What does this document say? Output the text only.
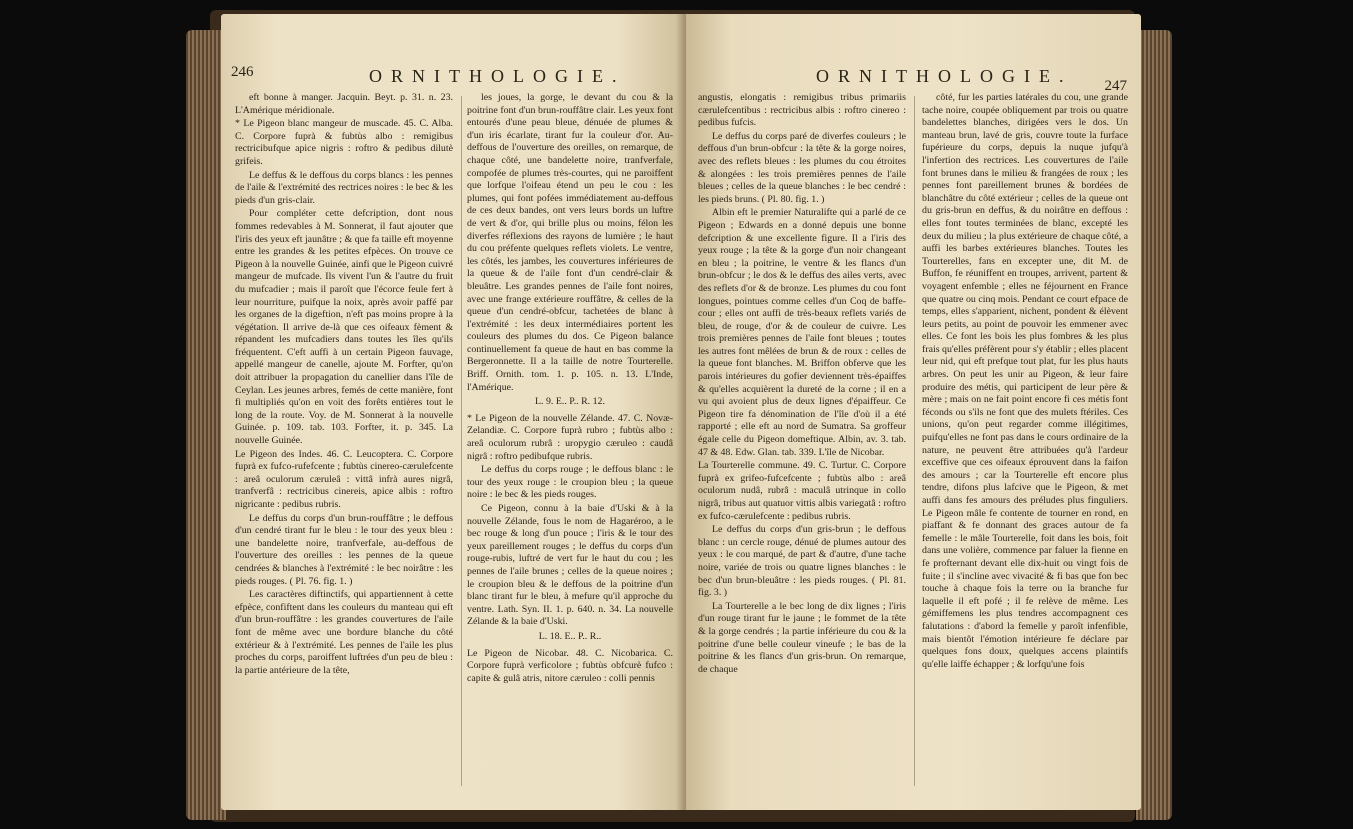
246	ORNITHOLOGIE.

eft bonne à manger. Jacquin. Beyt. p. 31. n. 23. L'Amérique méridionale.

* Le Pigeon blanc mangeur de muscade. 45. C. Alba. C. Corpore fuprà & fubtùs albo : remigibus rectricibufque apice nigris : roftro & pedibus dilutè grifeis.

Le deffus & le deffous du corps blancs : les pennes de l'aile & l'extrémité des rectrices noires : le bec & les pieds d'un gris-clair.

Pour compléter cette defcription, dont nous fommes redevables à M. Sonnerat, il faut ajouter que l'iris des yeux eft jaunâtre ; & que fa taille eft moyenne entre les grandes & les petites efpèces. On trouve ce Pigeon à la nouvelle Guinée, ainfi que le Pigeon cuivré mangeur de mufcade. Ils vivent l'un & l'autre du fruit du mufcadier ; mais il paroît que l'écorce feule fert à leur nourriture, puifque la noix, après avoir paffé par les organes de la digeftion, n'eft pas moins propre à la végétation. Il arrive de-là que ces oifeaux fèment & répandent les mufcadiers dans toutes les îles qu'ils fréquentent. C'eft auffi à un certain Pigeon fauvage, appellé mangeur de canelle, ajoute M. Forfter, qu'on doit attribuer la propagation du canellier dans l'île de Ceylan. Les jeunes arbres, femés de cette manière, font fi multipliés qu'on en voit des forêts entières tout le long de la route. Voy. de M. Sonnerat à la nouvelle Guinée. p. 109. tab. 103. Forfter, it. p. 345. La nouvelle Guinée.

Le Pigeon des Indes. 46. C. Leucoptera. C. Corpore fuprà ex fufco-rufefcente ; fubtùs cinereo-cærulefcente : areâ oculorum cæruleâ : vittâ infrà aures nigrâ, tranfverfâ : rectricibus cinereis, apice albis : roftro nigricante : pedibus rubris.

Le deffus du corps d'un brun-rouffâtre ; le deffous d'un cendré tirant fur le bleu : le tour des yeux bleu : une bandelette noire, tranfverfale, au-deffous de l'ouverture des oreilles : les pennes de la queue cendrées & blanches à l'extrémité : le bec noirâtre : les pieds rouges. ( Pl. 76. fig. 1. )

Les caractères diftinctifs, qui appartiennent à cette efpèce, confiftent dans les couleurs du manteau qui eft d'un brun-rouffâtre : les grandes couvertures de l'aile font de même avec une bordure blanche du côté extérieur & à l'extrémité. Les pennes de l'aile les plus proches du corps, paroiffent luftrées d'un peu de bleu : la partie antérieure de la tête,

les joues, la gorge, le devant du cou & la poitrine font d'un brun-rouffâtre clair. Les yeux font entourés d'une peau bleue, dénuée de plumes & d'un iris écarlate, tirant fur la couleur d'or. Au-deffous de l'ouverture des oreilles, on remarque, de chaque côté, une bandelette noire, tranfverfale, compofée de plumes très-courtes, qui ne paroiffent que lorfque l'oifeau étend un peu le cou : les plumes, qui font pofées immédiatement au-deffous de ces deux bandes, ont vers leurs bords un luftre de vert & d'or, qui brille plus ou moins, félon les diverfes réflexions des rayons de lumière ; le haut du cou préfente quelques reflets violets. Le ventre, les côtés, les jambes, les couvertures inférieures de la queue & de l'aile font d'un cendré-clair & bleuâtre. Les grandes pennes de l'aile font noires, avec une frange extérieure rouffâtre, & celles de la queue d'un cendré-obfcur, tachetées de blanc à l'extrémité : les deux intermédiaires portent les couleurs des plumes du dos. Ce Pigeon balance continuellement fa queue de haut en bas comme la Bergeronnette. Il a la taille de notre Tourterelle. Briff. Ornith. tom. 1. p. 105. n. 13. L'Inde, l'Amérique.

L. 9. E.. P.. R. 12.

* Le Pigeon de la nouvelle Zélande. 47. C. Novæ-Zelandiæ. C. Corpore fuprà rubro ; fubtùs albo : areâ oculorum rubrâ : uropygio cæruleo : caudâ nigrâ : roftro pedibufque rubris.

Le deffus du corps rouge ; le deffous blanc : le tour des yeux rouge : le croupion bleu ; la queue noire : le bec & les pieds rouges.

Ce Pigeon, connu à la baie d'Uski & à la nouvelle Zélande, fous le nom de Hagaréroo, a le bec rouge & long d'un pouce ; l'iris & le tour des yeux pareillement rouges ; le deffus du corps d'un rouge-rubis, luftré de vert fur le haut du cou ; les pennes de l'aile brunes ; celles de la queue noires ; le croupion bleu & le deffous de la poitrine d'un blanc tirant fur le bleu, à mefure qu'il approche du ventre. Lath. Syn. II. 1. p. 640. n. 34. La nouvelle Zélande & la baie d'Uski.

L. 18. E.. P.. R..

Le Pigeon de Nicobar. 48. C. Nicobarica. C. Corpore fuprà verficolore ; fubtùs obfcurè fufco : capite & gulâ atris, nitore cæruleo : colli pennis

ORNITHOLOGIE. 247

angustis, elongatis : remigibus tribus primariis cærulefcentibus : rectricibus albis : roftro cinereo : pedibus fufcis.

Le deffus du corps paré de diverfes couleurs ; le deffous d'un brun-obfcur : la tête & la gorge noires, avec des reflets bleues : les plumes du cou étroites & alongées : les trois premières pennes de l'aile bleues ; celles de la queue blanches : le bec cendré : les pieds bruns. ( Pl. 80. fig. 1. )

Albin eft le premier Naturalifte qui a parlé de ce Pigeon ; Edwards en a donné depuis une bonne defcription & une excellente figure. Il a l'iris des yeux rouge ; la tête & la gorge d'un noir changeant en bleu ; la poitrine, le ventre & les flancs d'un brun-obfcur ; le dos & le deffus des ailes verts, avec des reflets d'or & de bronze. Les plumes du cou font longues, pointues comme celles d'un Coq de baffe-cour ; elles ont auffi de très-beaux reflets variés de bleu, de rouge, d'or & de couleur de cuivre. Les trois premières pennes de l'aile font bleues ; toutes les autres font mêlées de brun & de roux : celles de la queue font blanches. M. Briffon obferve que les parois intérieures du gofier deviennent très-épaiffes & qu'elles acquièrent la dureté de la corne ; il en a vu qui avoient plus de deux lignes d'épaiffeur. Ce Pigeon tire fa dénomination de l'île d'où il a été rapporté ; elle eft au nord de Sumatra. Sa groffeur égale celle du Pigeon domeftique. Albin, av. 3. tab. 47 & 48. Edw. Glan. tab. 339. L'île de Nicobar.

La Tourterelle commune. 49. C. Turtur. C. Corpore fuprà ex grifeo-fufcefcente ; fubtùs albo : areâ oculorum nudâ, rubrâ : maculâ utrinque in collo nigrâ, tribus aut quatuor vittis albis variegatâ : roftro ex fufco-cærulefcente : pedibus rubris.

Le deffus du corps d'un gris-brun ; le deffous blanc : un cercle rouge, dénué de plumes autour des yeux : le cou marqué, de part & d'autre, d'une tache noire, variée de trois ou quatre lignes blanches : le bec d'un brun-bleuâtre : les pieds rouges. ( Pl. 81. fig. 3. )

La Tourterelle a le bec long de dix lignes ; l'iris d'un rouge tirant fur le jaune ; le fommet de la tête & la gorge cendrés ; la partie inférieure du cou & la poitrine d'une belle couleur vineufe ; le bas de la poitrine & les flancs d'un gris-brun. On remarque, de chaque

côté, fur les parties latérales du cou, une grande tache noire, coupée obliquement par trois ou quatre bandelettes blanches, dirigées vers le dos. Un manteau brun, lavé de gris, couvre toute la furface fupérieure du corps, depuis la nuque jufqu'à l'infertion des rectrices. Les couvertures de l'aile font brunes dans le milieu & frangées de roux ; les pennes font pareillement brunes & bordées de blanchâtre du côté extérieur ; celles de la queue ont du gris-brun en deffus, & du noirâtre en deffous : elles font toutes terminées de blanc, excepté les deux du milieu ; la plus extérieure de chaque côté, a auffi les barbes extérieures blanches. Toutes les Tourterelles, fans en excepter une, dit M. de Buffon, fe réuniffent en troupes, arrivent, partent & voyagent enfemble ; elles ne féjournent en France que quatre ou cinq mois. Pendant ce court efpace de temps, elles s'apparient, nichent, pondent & élèvent leurs petits, au point de pouvoir les emmener avec elles. Ce font les bois les plus fombres & les plus frais qu'elles préfèrent pour s'y établir ; elles placent leur nid, qui eft prefque tout plat, fur les plus hauts arbres. On peut les unir au Pigeon, & leur faire produire des métis, qui participent de leur père & mère ; mais on ne fait point encore fi ces métis font féconds ou s'ils ne font que des mulets ftériles. Ces unions, qu'on peut regarder comme illégitimes, puifqu'elles ne font pas dans le cours ordinaire de la nature, ne peuvent être attribuées qu'à l'ardeur exceffive que ces oifeaux éprouvent dans la faifon des amours ; car la Tourterelle eft encore plus tendre, difons plus lafcive que le Pigeon, & met auffi dans fes amours des préludes plus finguliers. Le Pigeon mâle fe contente de tourner en rond, en piaffant & fe donnant des graces autour de fa femelle : le mâle Tourterelle, foit dans les bois, foit dans une volière, commence par faluer la fienne en fe profternant devant elle dix-huit ou vingt fois de fuite ; il s'incline avec vivacité & fi bas que fon bec touche à chaque fois la terre ou la branche fur laquelle il eft pofé ; il fe relève de même. Les gémiffemens les plus tendres accompagnent ces falutations : d'abord la femelle y paroît infenfible, mais bientôt l'émotion intérieure fe déclare par quelques fons doux, quelques accens plaintifs qu'elle laiffe échapper ; & lorfqu'une fois
